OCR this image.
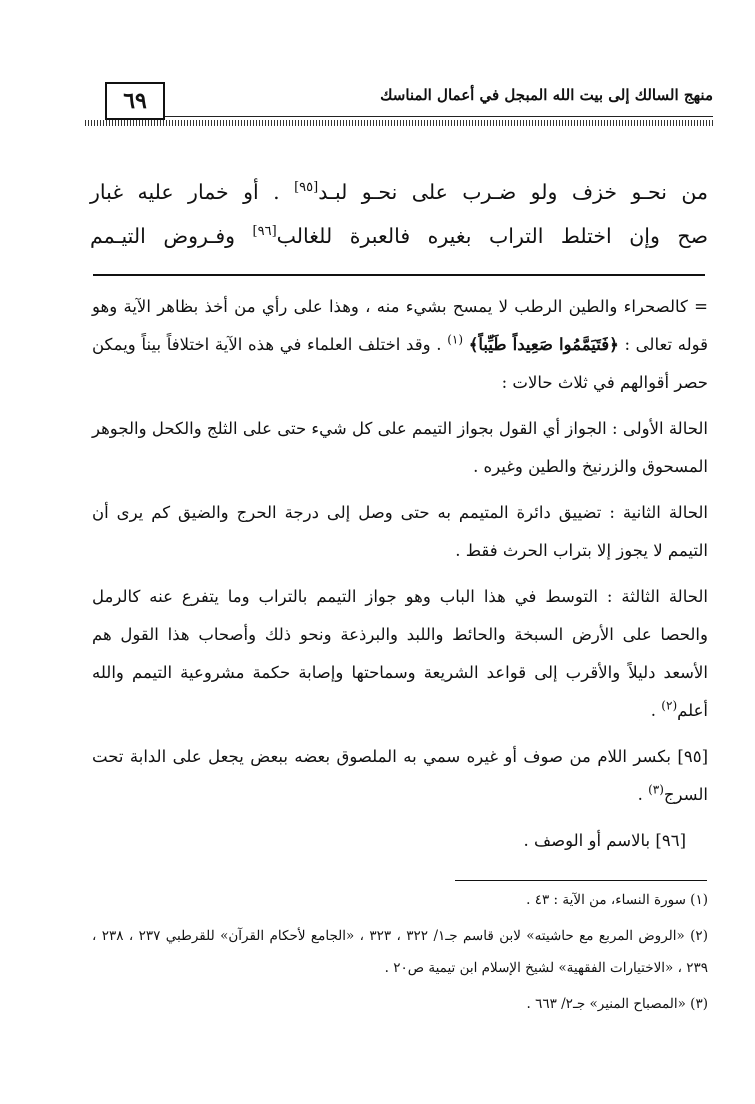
٦٩	منهج السالك إلى بيت الله المبجل في أعمال المناسك

من نحـو خزف ولو ضـرب على نحـو لبـد[٩٥] . أو خمار عليه غبار

صح وإن اختلط التراب بغيره فالعبرة للغالب[٩٦] وفـروض التيـمم

= كالصحراء والطين الرطب لا يمسح بشيء منه ، وهذا على رأي من أخذ بظاهر الآية وهو قوله تعالى : ﴿فَتَيَمَّمُوا صَعِيداً طَيِّباً﴾ $^{(١)}$ . وقد اختلف العلماء في هذه الآية اختلافاً بيناً ويمكن حصر أقوالهم في ثلاث حالات :

الحالة الأولى : الجواز أي القول بجواز التيمم على كل شيء حتى على الثلج والكحل والجوهر المسحوق والزرنيخ والطين وغيره .

الحالة الثانية : تضييق دائرة المتيمم به حتى وصل إلى درجة الحرج والضيق كم يرى أن التيمم لا يجوز إلا بتراب الحرث فقط .

الحالة الثالثة : التوسط في هذا الباب وهو جواز التيمم بالتراب وما يتفرع عنه كالرمل والحصا على الأرض السبخة والحائط واللبد والبرذعة ونحو ذلك وأصحاب هذا القول هم الأسعد دليلاً والأقرب إلى قواعد الشريعة وسماحتها وإصابة حكمة مشروعية التيمم والله أعلم$^{(٢)}$ .

[٩٥] بكسر اللام من صوف أو غيره سمي به الملصوق بعضه ببعض يجعل على الدابة تحت السرج$^{(٣)}$ .

[٩٦] بالاسم أو الوصف .

(١) سورة النساء، من الآية : ٤٣ .

(٢) «الروض المربع مع حاشيته» لابن قاسم جـ١/ ٣٢٢ ، ٣٢٣ ، «الجامع لأحكام القرآن» للقرطبي ٢٣٧ ، ٢٣٨ ، ٢٣٩ ، «الاختيارات الفقهية» لشيخ الإسلام ابن تيمية ص٢٠ .

(٣) «المصباح المنير» جـ٢/ ٦٦٣ .
